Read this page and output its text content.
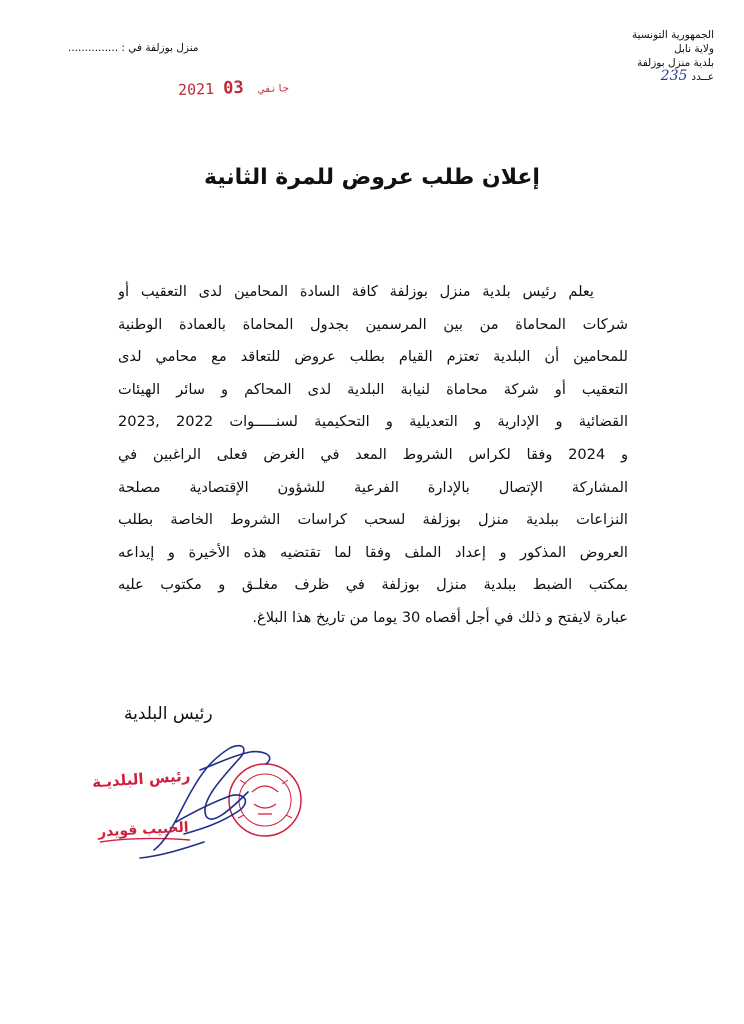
الجمهورية التونسية
ولاية نابل
بلدية منزل بوزلفة
عــدد
235
منزل بوزلفة في : ...............
2021	جانفي 03
إعلان طلب عروض للمرة الثانية
يعلم رئيس بلدية منزل بوزلفة كافة السادة المحامين لدى التعقيب أو
شركات المحاماة من بين المرسمين بجدول المحاماة بالعمادة الوطنية
للمحامين أن البلدية تعتزم القيام بطلب عروض للتعاقد مع محامي لدى
التعقيب أو شركة محاماة لنيابة البلدية لدى المحاكم و سائر الهيئات
القضائية و الإدارية و التعديلية و التحكيمية لسنـــــوات 2022 ,2023
و 2024 وفقا لكراس الشروط المعد في الغرض فعلى الراغبين في
المشاركة الإتصال بالإدارة الفرعية للشؤون الإقتصادية مصلحة
النزاعات ببلدية منزل بوزلفة لسحب كراسات الشروط الخاصة بطلب
العروض المذكور و إعداد الملف وفقا لما تقتضيه هذه الأخيرة و إيداعه
بمكتب الضبط ببلدية منزل بوزلفة في ظرف مغلـق و مكتوب عليه
عبارة لايفتح و ذلك في أجل أقصاه 30 يوما من تاريخ هذا البلاغ.
رئيس البلدية
رئيس البلديـة
الحبيب قويدر
